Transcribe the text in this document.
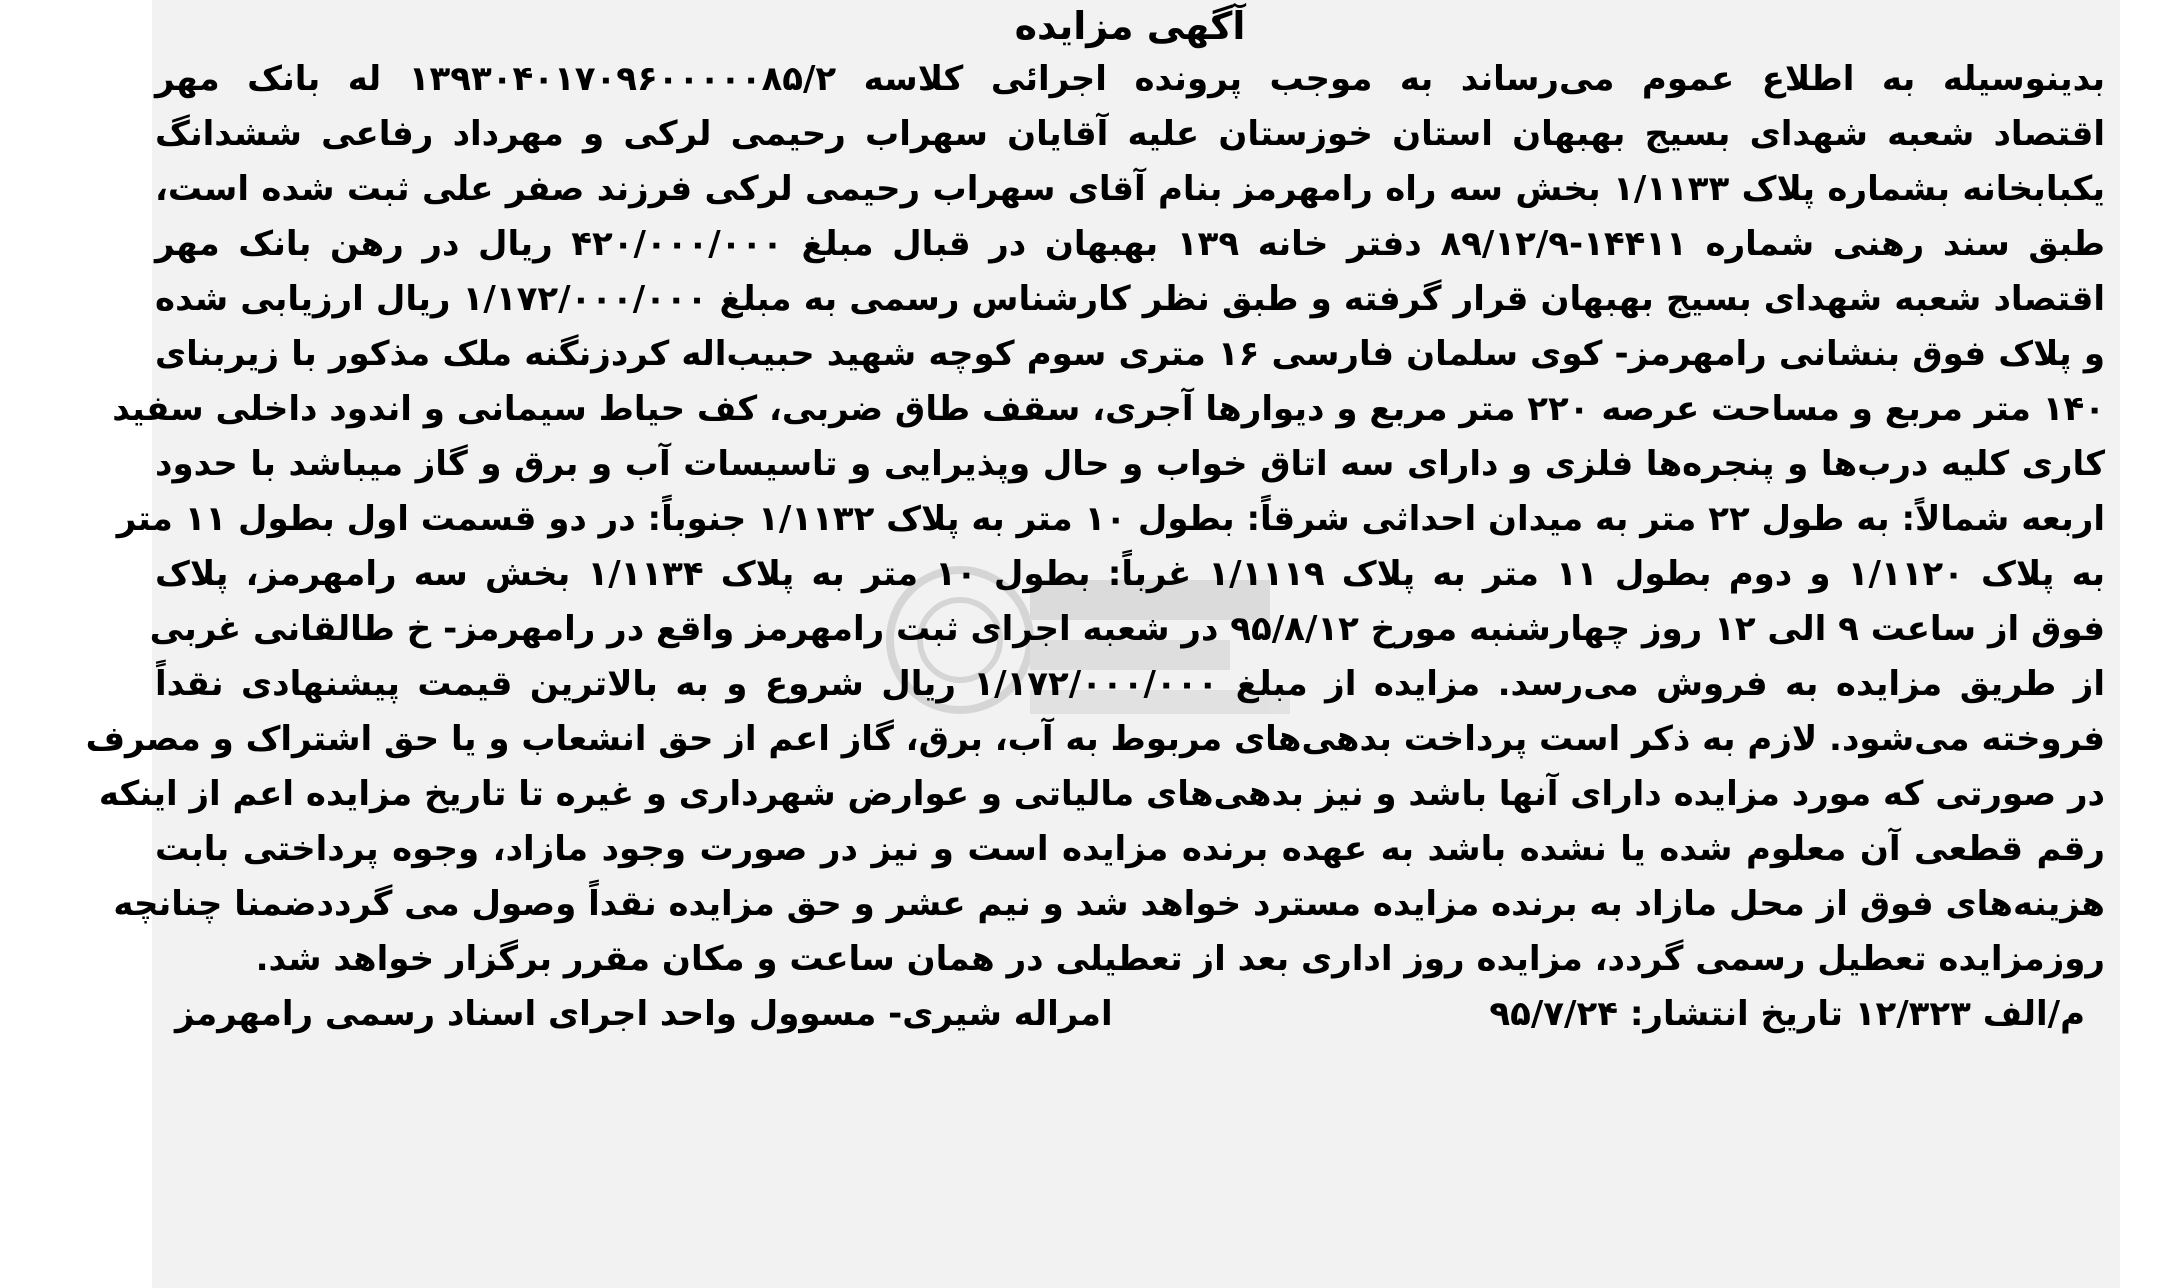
آگهی مزایده
بدینوسیله به اطلاع عموم می‌رساند به موجب پرونده اجرائی کلاسه ۱۳۹۳۰۴۰۱۷۰۹۶۰۰۰۰۰۸۵/۲ له بانک مهر
اقتصاد شعبه شهدای بسیج بهبهان استان خوزستان علیه آقایان سهراب رحیمی لرکی و مهرداد رفاعی ششدانگ
یکبابخانه بشماره پلاک ۱/۱۱۳۳ بخش سه راه رامهرمز بنام آقای سهراب رحیمی لرکی فرزند صفر علی ثبت شده است،
طبق سند رهنی شماره ۱۴۴۱۱-۸۹/۱۲/۹ دفتر خانه ۱۳۹ بهبهان در قبال مبلغ ۴۲۰/۰۰۰/۰۰۰ ریال در رهن بانک مهر
اقتصاد شعبه شهدای بسیج بهبهان قرار گرفته و طبق نظر کارشناس رسمی به مبلغ ۱/۱۷۲/۰۰۰/۰۰۰ ریال ارزیابی شده
و پلاک فوق بنشانی رامهرمز- کوی سلمان فارسی ۱۶ متری سوم کوچه شهید حبیب‌اله کردزنگنه ملک مذکور با زیربنای
۱۴۰ متر مربع و مساحت عرصه ۲۲۰ متر مربع و دیوارها آجری، سقف طاق ضربی، کف حیاط سیمانی و اندود داخلی سفید
کاری کلیه درب‌ها و پنجره‌ها فلزی و دارای سه اتاق خواب و حال وپذیرایی و تاسیسات آب و برق و گاز میباشد با حدود
اربعه شمالاً: به طول ۲۲ متر به میدان احداثی شرقاً: بطول ۱۰ متر به پلاک ۱/۱۱۳۲ جنوباً: در دو قسمت اول بطول ۱۱ متر
به پلاک ۱/۱۱۲۰ و دوم بطول ۱۱ متر به پلاک ۱/۱۱۱۹ غرباً: بطول ۱۰ متر به پلاک ۱/۱۱۳۴ بخش سه رامهرمز، پلاک
فوق از ساعت ۹ الی ۱۲ روز چهارشنبه مورخ ۹۵/۸/۱۲ در شعبه اجرای ثبت رامهرمز واقع در رامهرمز- خ طالقانی غربی
از طریق مزایده به فروش می‌رسد. مزایده از مبلغ ۱/۱۷۲/۰۰۰/۰۰۰ ریال شروع و به بالاترین قیمت پیشنهادی نقداً
فروخته می‌شود. لازم به ذکر است پرداخت بدهی‌های مربوط به آب، برق، گاز اعم از حق انشعاب و یا حق اشتراک و مصرف
در صورتی که مورد مزایده دارای آنها باشد و نیز بدهی‌های مالیاتی و عوارض شهرداری و غیره تا تاریخ مزایده اعم از اینکه
رقم قطعی آن معلوم شده یا نشده باشد به عهده برنده مزایده است و نیز در صورت وجود مازاد، وجوه پرداختی بابت
هزینه‌های فوق از محل مازاد به برنده مزایده مسترد خواهد شد و نیم عشر و حق مزایده نقداً وصول می گرددضمنا چنانچه
روزمزایده تعطیل رسمی گردد، مزایده روز اداری بعد از تعطیلی در همان ساعت و مکان مقرر برگزار خواهد شد.
م/الف ۱۲/۳۲۳ تاریخ انتشار: ۹۵/۷/۲۴
امراله شیری- مسوول واحد اجرای اسناد رسمی رامهرمز
